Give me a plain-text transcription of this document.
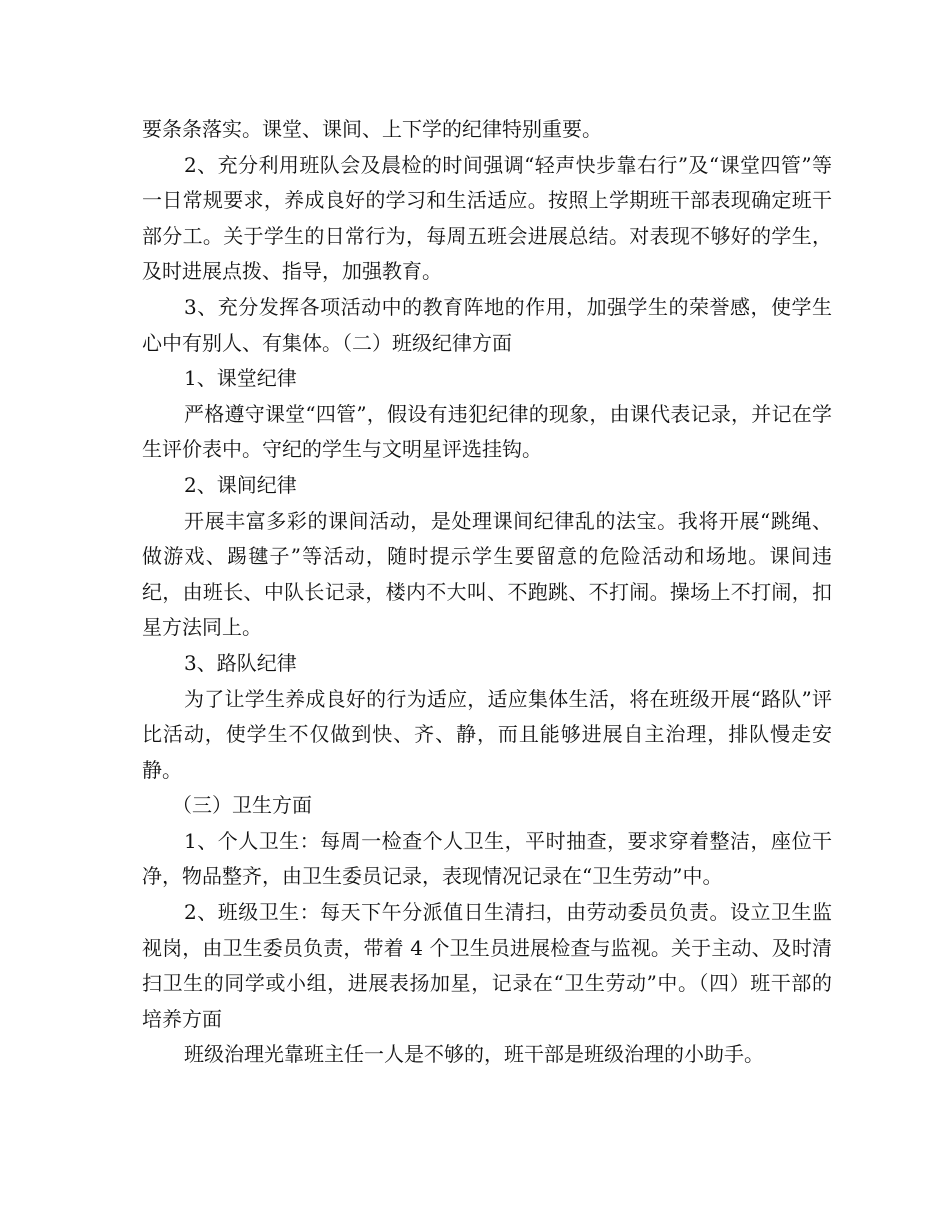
要条条落实。课堂、课间、上下学的纪律特别重要。

2、充分利用班队会及晨检的时间强调“轻声快步靠右行”及“课堂四管”等一日常规要求，养成良好的学习和生活适应。按照上学期班干部表现确定班干部分工。关于学生的日常行为，每周五班会进展总结。对表现不够好的学生，及时进展点拨、指导，加强教育。

3、充分发挥各项活动中的教育阵地的作用，加强学生的荣誉感，使学生心中有别人、有集体。（二）班级纪律方面

1、课堂纪律

严格遵守课堂“四管”，假设有违犯纪律的现象，由课代表记录，并记在学生评价表中。守纪的学生与文明星评选挂钩。

2、课间纪律

开展丰富多彩的课间活动，是处理课间纪律乱的法宝。我将开展“跳绳、做游戏、踢毽子”等活动，随时提示学生要留意的危险活动和场地。课间违纪，由班长、中队长记录，楼内不大叫、不跑跳、不打闹。操场上不打闹，扣星方法同上。

3、路队纪律

为了让学生养成良好的行为适应，适应集体生活，将在班级开展“路队”评比活动，使学生不仅做到快、齐、静，而且能够进展自主治理，排队慢走安静。

（三）卫生方面

1、个人卫生：每周一检查个人卫生，平时抽查，要求穿着整洁，座位干净，物品整齐，由卫生委员记录，表现情况记录在“卫生劳动”中。

2、班级卫生：每天下午分派值日生清扫，由劳动委员负责。设立卫生监视岗，由卫生委员负责，带着 4 个卫生员进展检查与监视。关于主动、及时清扫卫生的同学或小组，进展表扬加星，记录在“卫生劳动”中。（四）班干部的培养方面

班级治理光靠班主任一人是不够的，班干部是班级治理的小助手。
